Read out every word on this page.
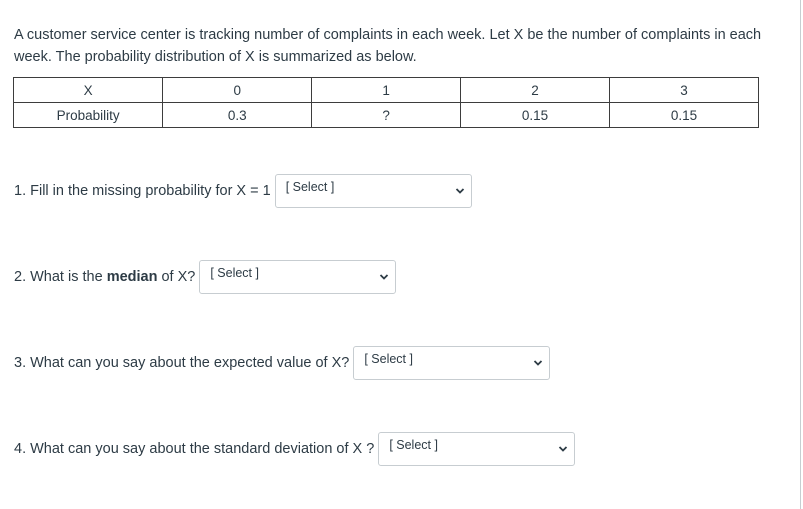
A customer service center is tracking number of complaints in each week. Let X be the number of complaints in each week. The probability distribution of X is summarized as below.

X	0	1	2	3
Probability	0.3	?	0.15	0.15
1. Fill in the missing probability for X = 1 [ Select ]
2. What is the median of X? [ Select ]
3. What can you say about the expected value of X? [ Select ]
4. What can you say about the standard deviation of X ? [ Select ]
